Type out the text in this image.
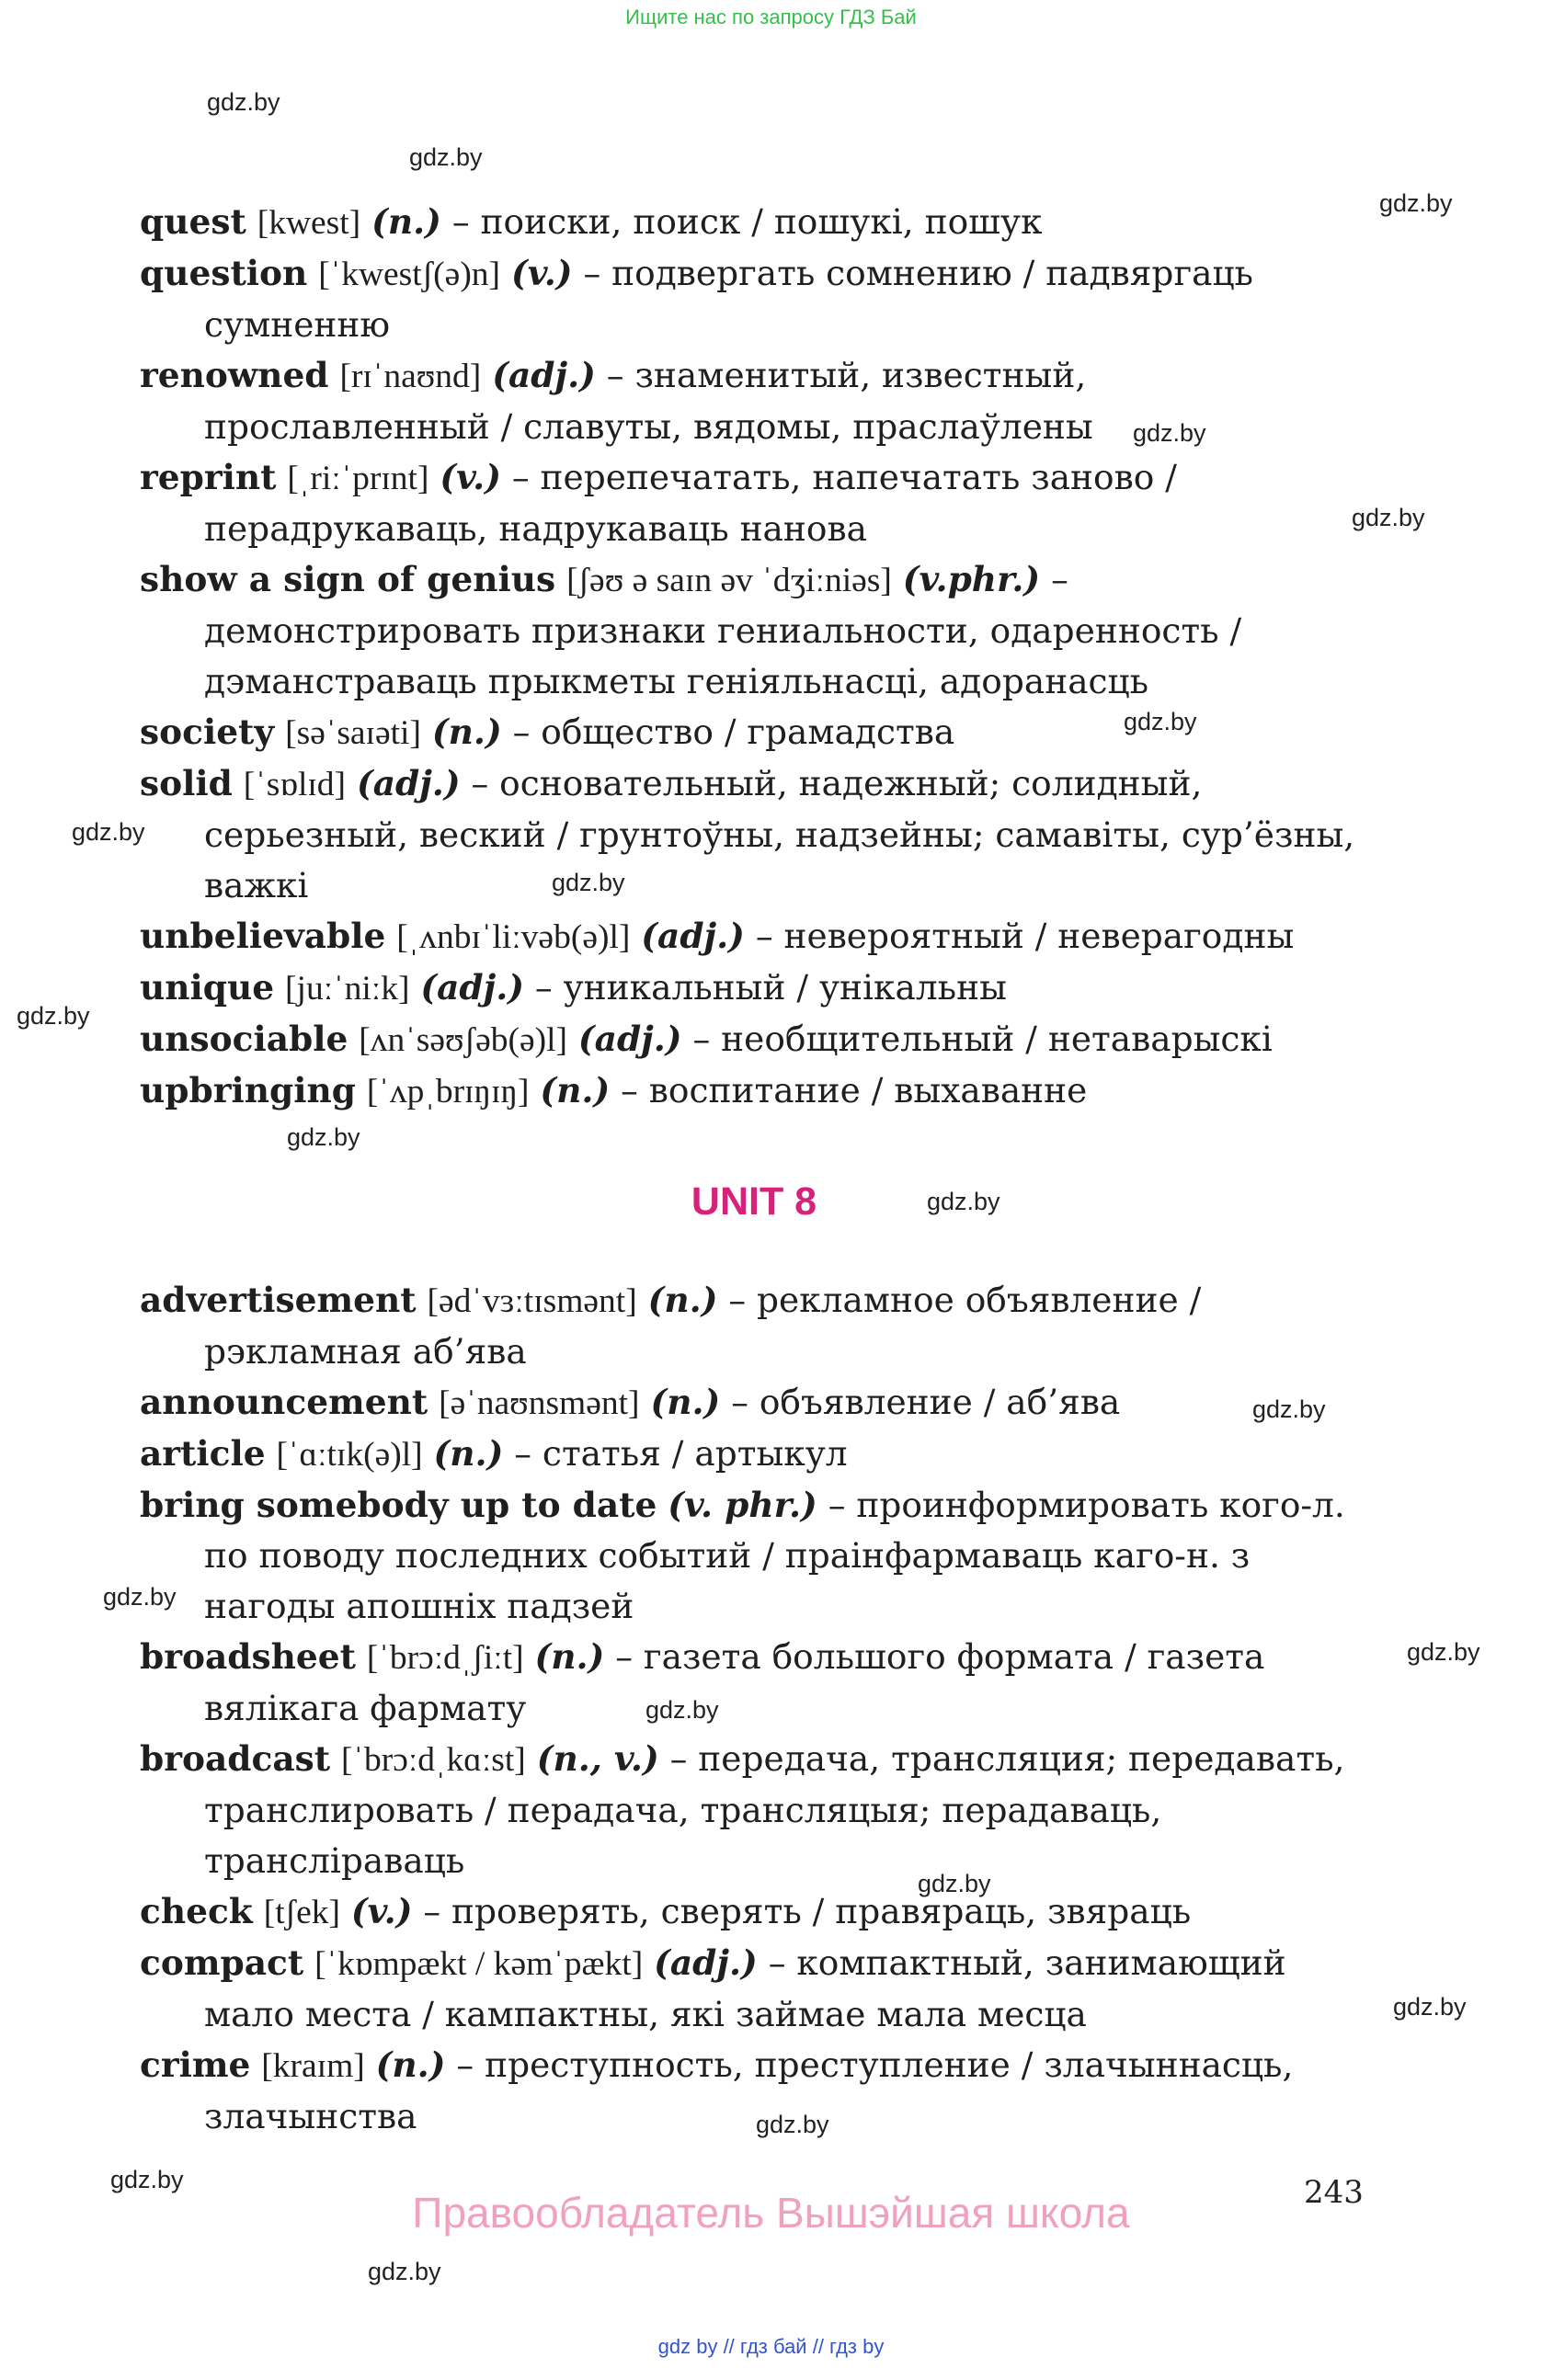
Ищите нас по запросу ГДЗ Бай
gdz.by
gdz.by
gdz.by
gdz.by
gdz.by
gdz.by
gdz.by
gdz.by
gdz.by
gdz.by
gdz.by
gdz.by
gdz.by
gdz.by
gdz.by
gdz.by
gdz.by
gdz.by
gdz.by
gdz.by

quest [kwest] (n.) – поиски, поиск / пошукі, пошук

question [ˈkwestʃ(ə)n] (v.) – подвергать сомнению / падвяргаць сумненню

renowned [rɪˈnaʊnd] (adj.) – знаменитый, известный, прославленный / славуты, вядомы, праслаўлены

reprint [ˌriːˈprɪnt] (v.) – перепечатать, напечатать заново / перадрукаваць, надрукаваць нанова

show a sign of genius [ʃəʊ ə saɪn əv ˈdʒiːniəs] (v.phr.) – демонстрировать признаки гениальности, одаренность / дэманстраваць прыкметы геніяльнасці, адоранасць

society [səˈsaɪəti] (n.) – общество / грамадства

solid [ˈsɒlɪd] (adj.) – основательный, надежный; солидный, серьезный, веский / грунтоўны, надзейны; самавіты, сур’ёзны, важкі

unbelievable [ˌʌnbɪˈliːvəb(ə)l] (adj.) – невероятный / неверагодны

unique [juːˈniːk] (adj.) – уникальный / унікальны

unsociable [ʌnˈsəʊʃəb(ə)l] (adj.) – необщительный / нетаварыскі

upbringing [ˈʌpˌbrɪŋɪŋ] (n.) – воспитание / выхаванне

UNIT 8

advertisement [ədˈvɜːtɪsmənt] (n.) – рекламное объявление / рэкламная аб’ява

announcement [əˈnaʊnsmənt] (n.) – объявление / аб’ява

article [ˈɑːtɪk(ə)l] (n.) – статья / артыкул

bring somebody up to date (v. phr.) – проинформировать кого-л. по поводу последних событий / праінфармаваць каго-н. з нагоды апошніх падзей

broadsheet [ˈbrɔːdˌʃiːt] (n.) – газета большого формата / газета вялікага фармату

broadcast [ˈbrɔːdˌkɑːst] (n., v.) – передача, трансляция; передавать, транслировать / перадача, трансляцыя; перадаваць, трансліраваць

check [tʃek] (v.) – проверять, сверять / правяраць, звяраць

compact [ˈkɒmpækt / kəmˈpækt] (adj.) – компактный, занимающий мало места / кампактны, які займае мала месца

crime [kraɪm] (n.) – преступность, преступление / злачыннасць, злачынства

243
Правообладатель Вышэйшая школа
gdz by // гдз бай // гдз by
